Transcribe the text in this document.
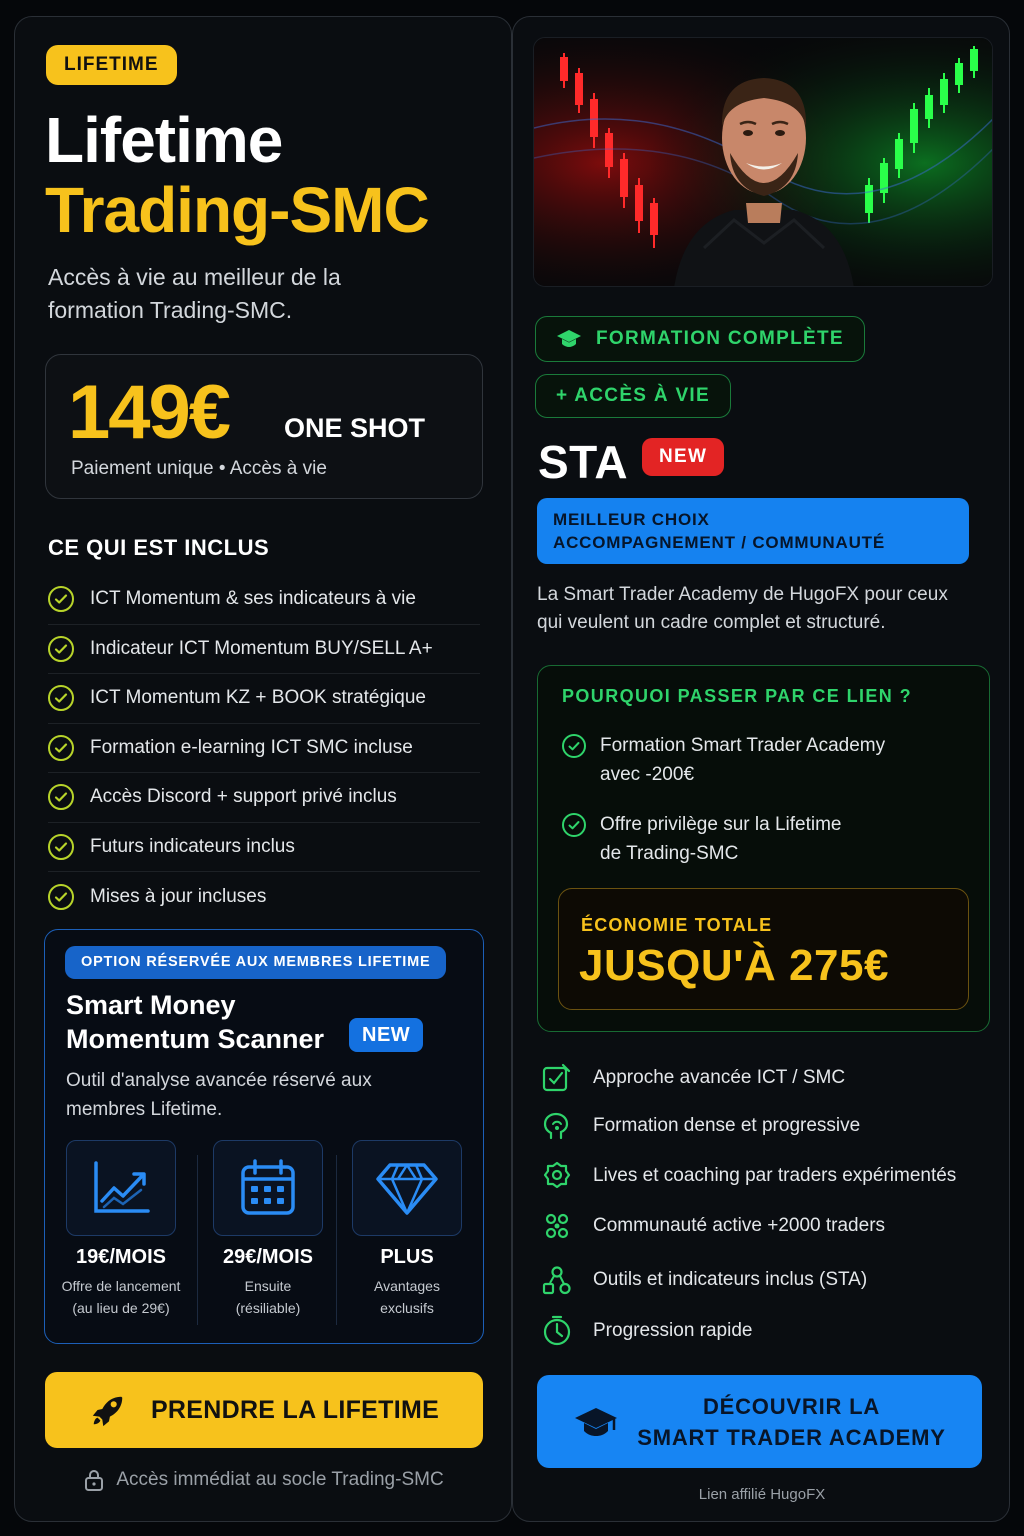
LIFETIME
Lifetime
Trading-SMC
Accès à vie au meilleur de la formation Trading-SMC.
149€ ONE SHOT
Paiement unique • Accès à vie
CE QUI EST INCLUS
ICT Momentum & ses indicateurs à vie
Indicateur ICT Momentum BUY/SELL A+
ICT Momentum KZ + BOOK stratégique
Formation e-learning ICT SMC incluse
Accès Discord + support privé inclus
Futurs indicateurs inclus
Mises à jour incluses
OPTION RÉSERVÉE AUX MEMBRES LIFETIME
Smart Money
Momentum Scanner	NEW
Outil d'analyse avancée réservé aux membres Lifetime.
19€/MOIS
Offre de lancement
(au lieu de 29€)
29€/MOIS
Ensuite
(résiliable)
PLUS
Avantages
exclusifs
PRENDRE LA LIFETIME
Accès immédiat au socle Trading-SMC
FORMATION COMPLÈTE
+ ACCÈS À VIE
STA	NEW
MEILLEUR CHOIX
ACCOMPAGNEMENT / COMMUNAUTÉ
La Smart Trader Academy de HugoFX pour ceux qui veulent un cadre complet et structuré.
POURQUOI PASSER PAR CE LIEN ?
Formation Smart Trader Academy
avec -200€
Offre privilège sur la Lifetime
de Trading-SMC
ÉCONOMIE TOTALE
JUSQU'À 275€
Approche avancée ICT / SMC
Formation dense et progressive
Lives et coaching par traders expérimentés
Communauté active +2000 traders
Outils et indicateurs inclus (STA)
Progression rapide
DÉCOUVRIR LA
SMART TRADER ACADEMY
Lien affilié HugoFX
